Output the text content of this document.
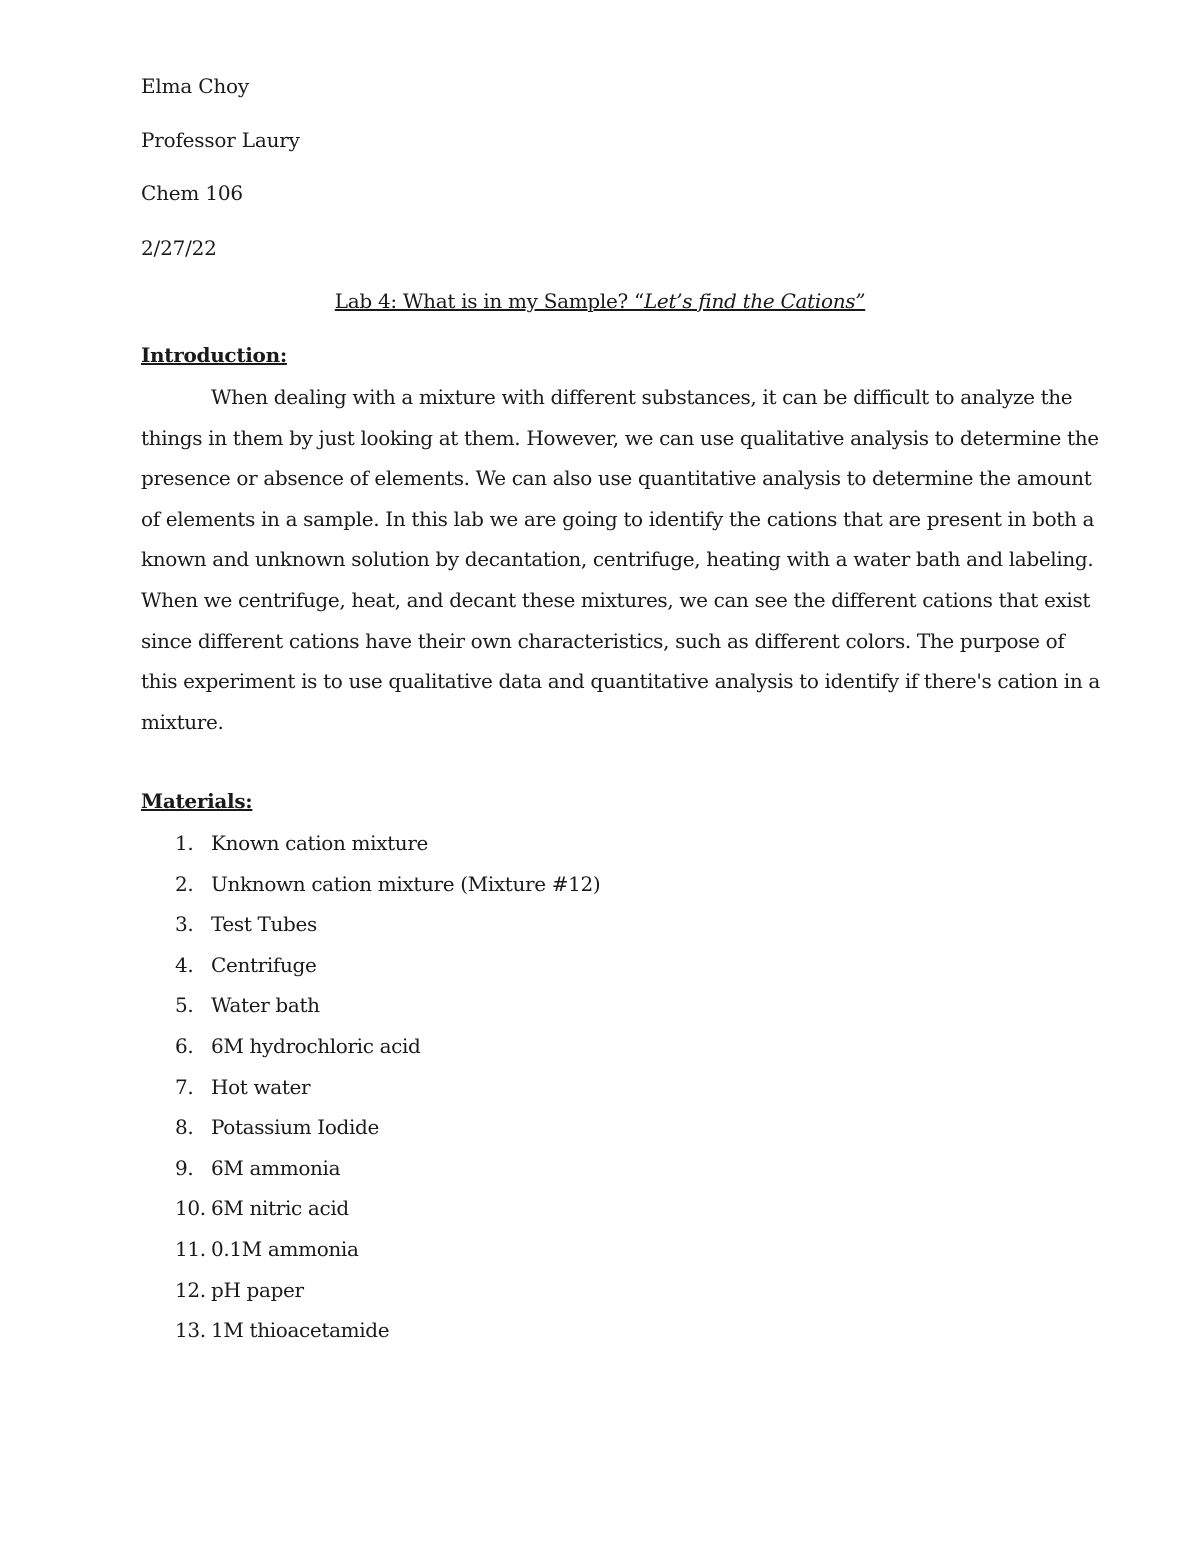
Elma Choy
Professor Laury
Chem 106
2/27/22
Lab 4: What is in my Sample? “Let’s find the Cations”
Introduction:
When dealing with a mixture with different substances, it can be difficult to analyze the
things in them by just looking at them. However, we can use qualitative analysis to determine the
presence or absence of elements. We can also use quantitative analysis to determine the amount
of elements in a sample. In this lab we are going to identify the cations that are present in both a
known and unknown solution by decantation, centrifuge, heating with a water bath and labeling.
When we centrifuge, heat, and decant these mixtures, we can see the different cations that exist
since different cations have their own characteristics, such as different colors. The purpose of
this experiment is to use qualitative data and quantitative analysis to identify if there's cation in a
mixture.
Materials:
1. Known cation mixture
2. Unknown cation mixture (Mixture #12)
3. Test Tubes
4. Centrifuge
5. Water bath
6. 6M hydrochloric acid
7. Hot water
8. Potassium Iodide
9. 6M ammonia
10. 6M nitric acid
11. 0.1M ammonia
12. pH paper
13. 1M thioacetamide
